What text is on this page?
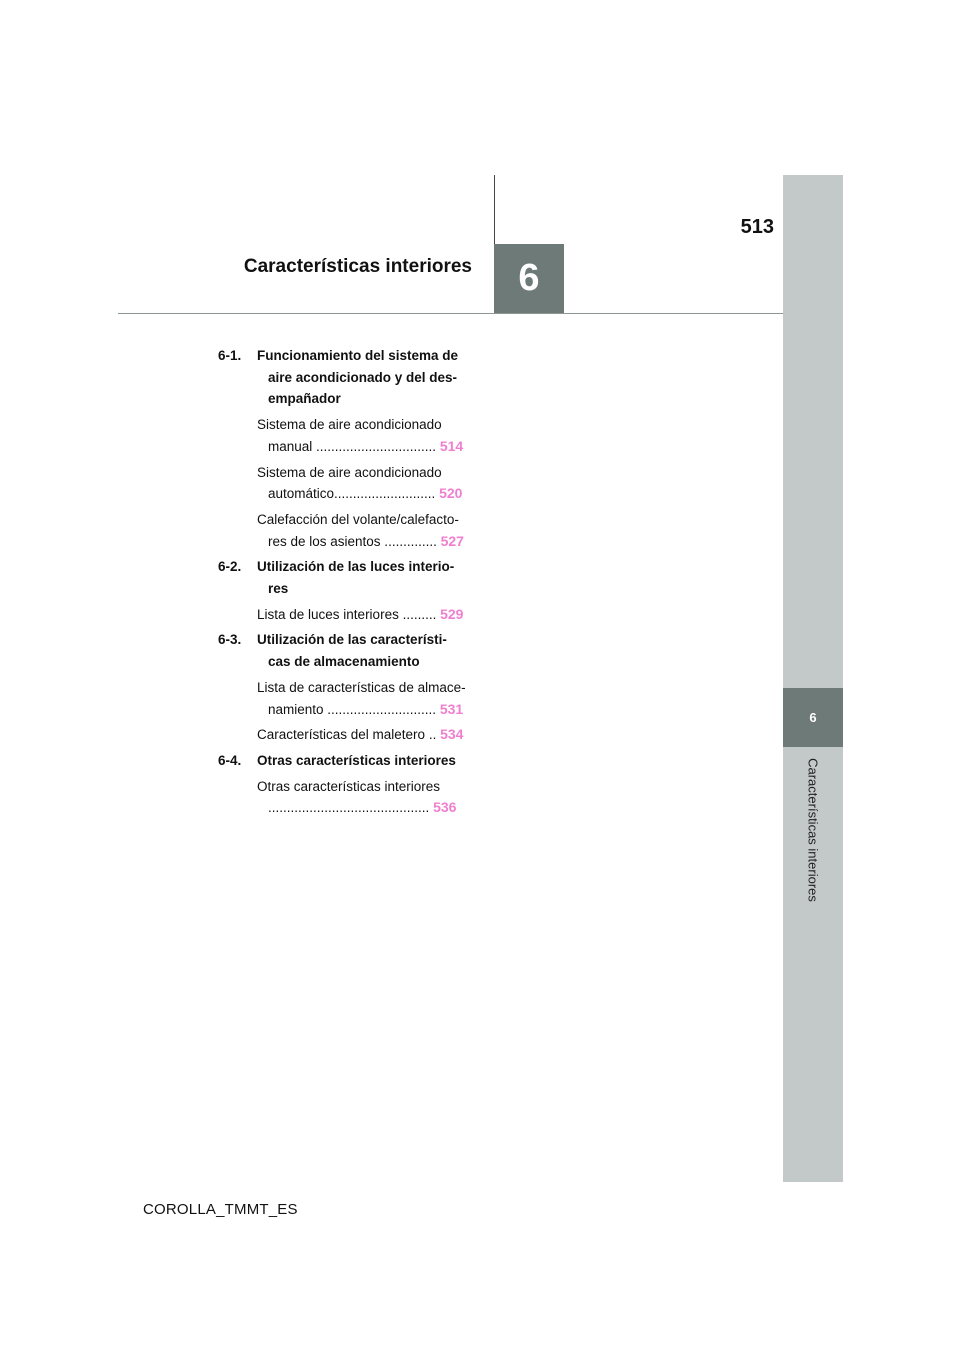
6
Características interiores
6
513
Características interiores
6-1. Funcionamiento del sistema de
aire acondicionado y del des-
empañador
Sistema de aire acondicionado
manual ................................ 514
Sistema de aire acondicionado
automático........................... 520
Calefacción del volante/calefacto-
res de los asientos .............. 527
6-2. Utilización de las luces interio-
res
Lista de luces interiores ......... 529
6-3. Utilización de las característi-
cas de almacenamiento
Lista de características de almace-
namiento ............................. 531
Características del maletero .. 534
6-4. Otras características interiores
Otras características interiores
........................................... 536
COROLLA_TMMT_ES
